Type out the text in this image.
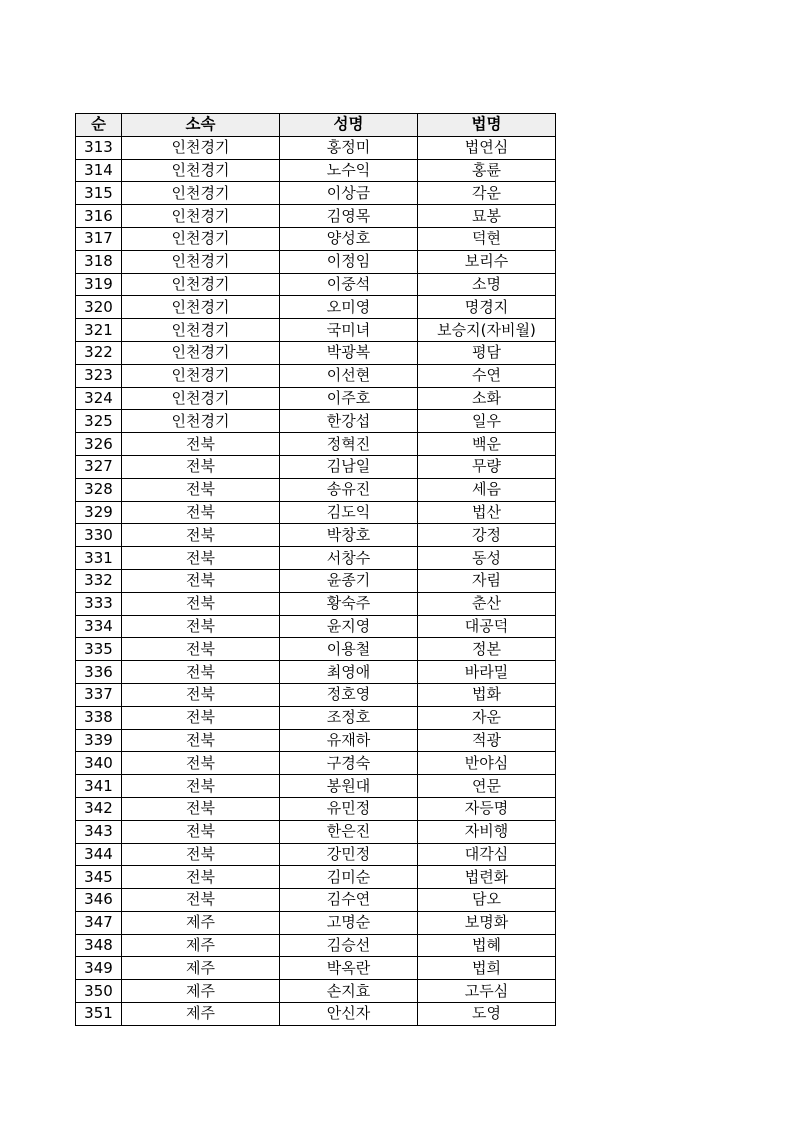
순	소속	성명	법명
313	인천경기	홍정미	법연심
314	인천경기	노수익	홍륜
315	인천경기	이상금	각운
316	인천경기	김영목	묘봉
317	인천경기	양성호	덕현
318	인천경기	이정임	보리수
319	인천경기	이중석	소명
320	인천경기	오미영	명경지
321	인천경기	국미녀	보승지(자비월)
322	인천경기	박광복	평담
323	인천경기	이선현	수연
324	인천경기	이주호	소화
325	인천경기	한강섭	일우
326	전북	정혁진	백운
327	전북	김남일	무량
328	전북	송유진	세음
329	전북	김도익	법산
330	전북	박창호	강정
331	전북	서창수	동성
332	전북	윤종기	자림
333	전북	황숙주	춘산
334	전북	윤지영	대공덕
335	전북	이용철	정본
336	전북	최영애	바라밀
337	전북	정호영	법화
338	전북	조정호	자운
339	전북	유재하	적광
340	전북	구경숙	반야심
341	전북	봉원대	연문
342	전북	유민정	자등명
343	전북	한은진	자비행
344	전북	강민정	대각심
345	전북	김미순	법련화
346	전북	김수연	담오
347	제주	고명순	보명화
348	제주	김승선	법혜
349	제주	박옥란	법희
350	제주	손지효	고두심
351	제주	안신자	도영
